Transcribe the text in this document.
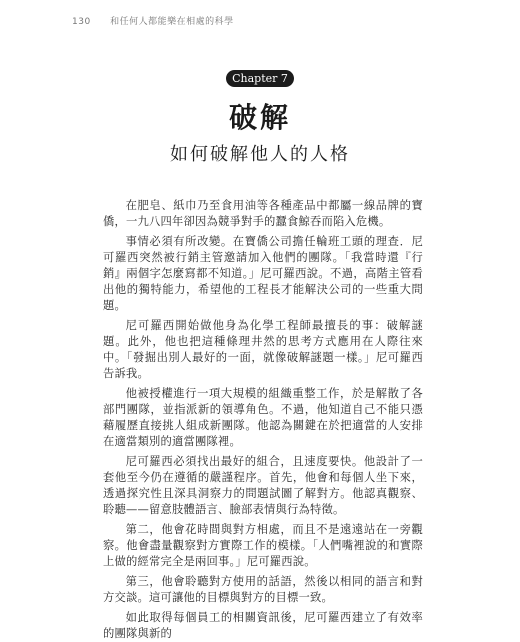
130 和任何人都能樂在相處的科學
Chapter 7
破解
如何破解他人的人格

在肥皂、紙巾乃至食用油等各種產品中都屬一線品牌的寶僑，一九八四年卻因為競爭對手的蠶食鯨吞而陷入危機。

事情必須有所改變。在寶僑公司擔任輪班工頭的理查．尼可羅西突然被行銷主管邀請加入他們的團隊。「我當時還『行銷』兩個字怎麼寫都不知道。」尼可羅西說。不過，高階主管看出他的獨特能力，希望他的工程長才能解決公司的一些重大問題。

尼可羅西開始做他身為化學工程師最擅長的事：破解謎題。此外，他也把這種條理井然的思考方式應用在人際往來中。「發掘出別人最好的一面，就像破解謎題一樣。」尼可羅西告訴我。

他被授權進行一項大規模的組織重整工作，於是解散了各部門團隊，並指派新的領導角色。不過，他知道自己不能只憑藉履歷直接挑人組成新團隊。他認為關鍵在於把適當的人安排在適當類別的適當團隊裡。

尼可羅西必須找出最好的組合，且速度要快。他設計了一套他至今仍在遵循的嚴謹程序。首先，他會和每個人坐下來，透過探究性且深具洞察力的問題試圖了解對方。他認真觀察、聆聽——留意肢體語言、臉部表情與行為特徵。

第二，他會花時間與對方相處，而且不是遠遠站在一旁觀察。他會盡量觀察對方實際工作的模樣。「人們嘴裡說的和實際上做的經常完全是兩回事。」尼可羅西說。

第三，他會聆聽對方使用的話語，然後以相同的語言和對方交談。這可讓他的目標與對方的目標一致。

如此取得每個員工的相關資訊後，尼可羅西建立了有效率的團隊與新的
